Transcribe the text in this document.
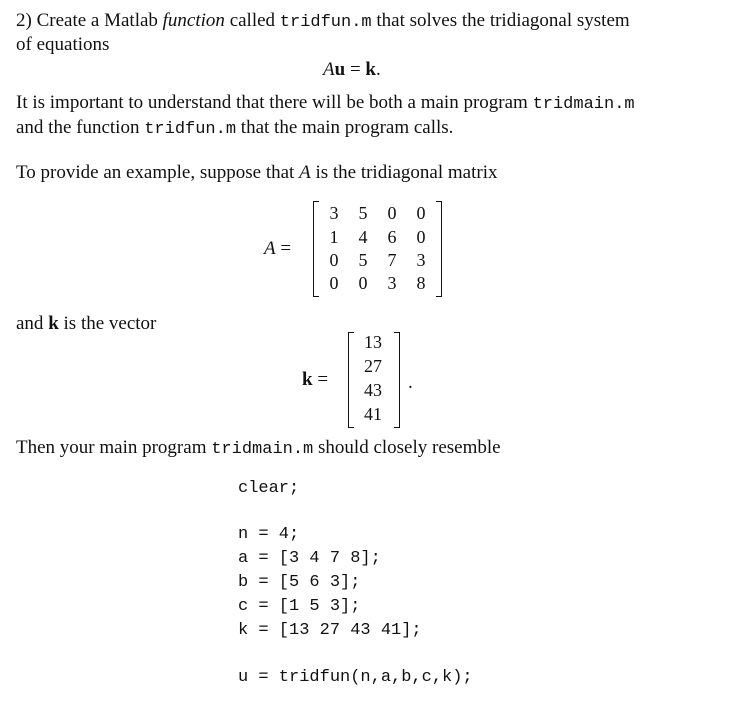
2) Create a Matlab function called tridfun.m that solves the tridiagonal system
of equations
Au = k.
It is important to understand that there will be both a main program tridmain.m
and the function tridfun.m that the main program calls.
To provide an example, suppose that A is the tridiagonal matrix
A =
3	5	0	0
1	4	6	0
0	5	7	3
0	0	3	8
and k is the vector
k =
13
27
43
41
.
Then your main program tridmain.m should closely resemble
clear;
n = 4;
a = [3 4 7 8];
b = [5 6 3];
c = [1 5 3];
k = [13 27 43 41];
u = tridfun(n,a,b,c,k);
